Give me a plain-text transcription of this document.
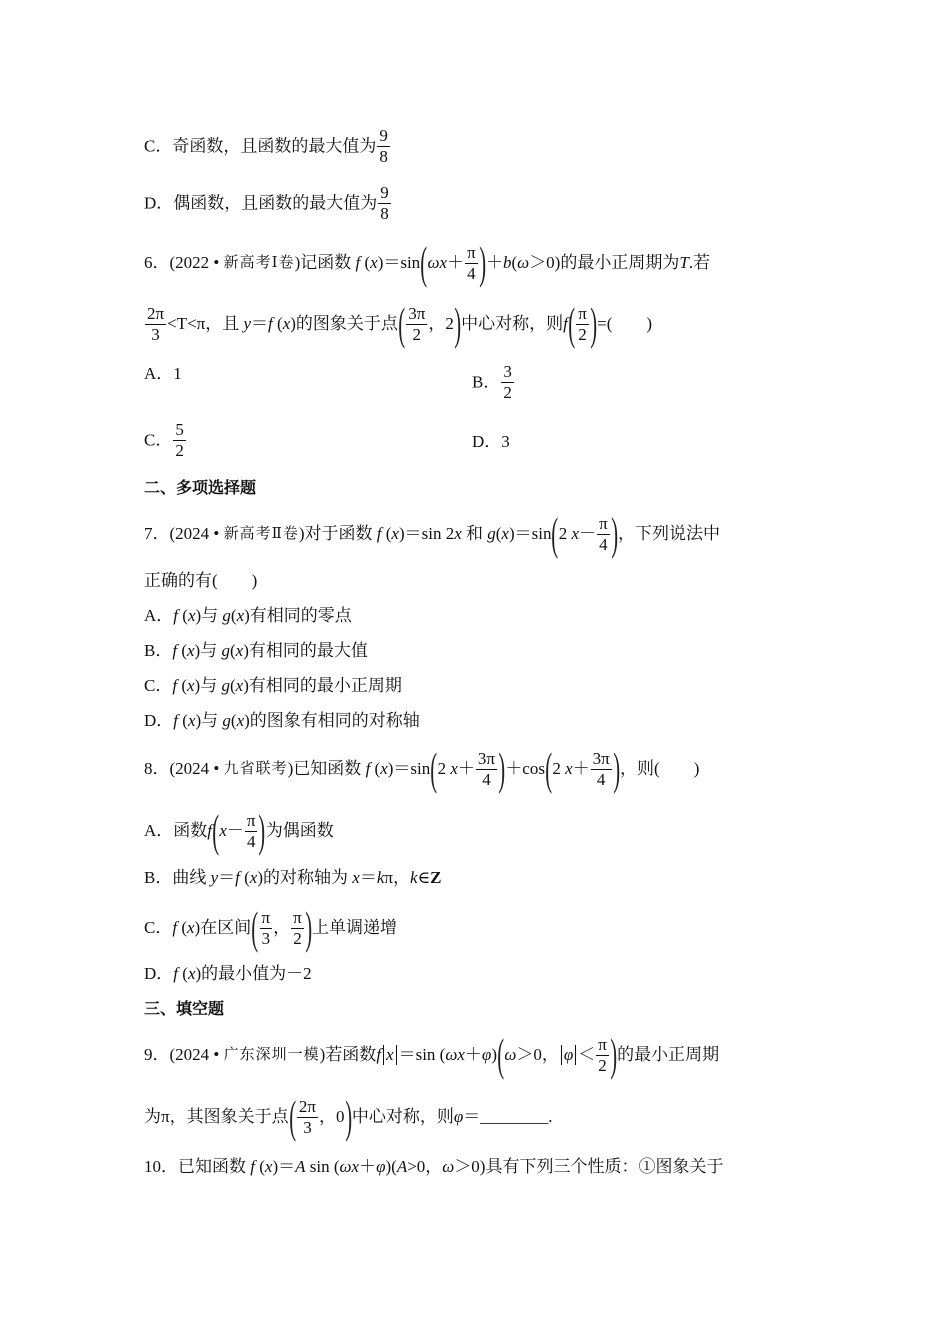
C．奇函数，且函数的最大值为 $\frac{9}{8}$
D．偶函数，且函数的最大值为 $\frac{9}{8}$
6．(2022 • 新高考Ⅰ卷)记函数 f $(x)=\sin(\omega x+ \frac{\pi}{4} )+b(\omega>0)$的最小正周期为T.若
$\frac{2\pi}{3} <T<\pi$，且 y＝f (x)的图象关于点( $\frac{3\pi}{2}$ ，2)中心对称，则$f( \frac{\pi}{2}$ )=(　　)
A．1	B． $\frac{3}{2}$
C． $\frac{5}{2}$	D．3
二、多项选择题
7．(2024 • 新高考Ⅱ卷)对于函数 f (x)＝sin 2x 和 g(x)＝sin(2 $x- \frac{\pi}{4}$ )，下列说法中
正确的有(　　)
A．f (x)与 g(x)有相同的零点
B．f (x)与 g(x)有相同的最大值
C．f (x)与 g(x)有相同的最小正周期
D．f (x)与 g(x)的图象有相同的对称轴
8．(2024 • 九省联考)已知函数 f (x)＝sin(2 $x+ \frac{3\pi}{4} )+\cos(2$ $x+ \frac{3\pi}{4}$ )，则(　　)
A．函数$f(x- \frac{\pi}{4}$ )为偶函数
B．曲线 y＝f (x)的对称轴为 x＝kπ，k∈Z
C．f (x)在区间( $\frac{\pi}{3}$ ， $\frac{\pi}{2}$ )上单调递增
D．f (x)的最小值为－2
三、填空题
9．(2024 • 广东深圳一模)若函数f x ＝sin (ωx＋φ)(ω＞0， $\varphi < \frac{\pi}{2}$ )的最小正周期
为π，其图象关于点( $\frac{2\pi}{3}$ ，0)中心对称，则φ＝________.
10．已知函数 f (x)＝A sin (ωx＋φ)(A>0，ω＞0)具有下列三个性质：①图象关于
